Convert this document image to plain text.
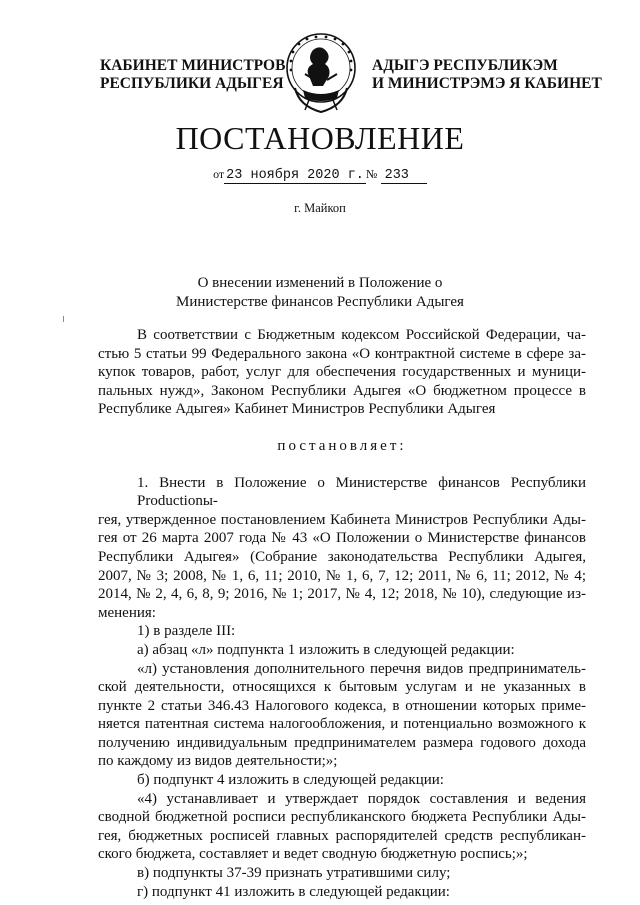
КАБИНЕТ МИНИСТРОВ
РЕСПУБЛИКИ АДЫГЕЯ
АДЫГЭ РЕСПУБЛИКЭМ
И МИНИСТРЭМЭ Я КАБИНЕТ
ПОСТАНОВЛЕНИЕ
от 23 ноября 2020 г. № 233
г. Майкоп
О внесении изменений в Положение о
Министерстве финансов Республики Адыгея

В соответствии с Бюджетным кодексом Российской Федерации, ча-
стью 5 статьи 99 Федерального закона «О контрактной системе в сфере за-
купок товаров, работ, услуг для обеспечения государственных и муници-
пальных нужд», Законом Республики Адыгея «О бюджетном процессе в
Республике Адыгея» Кабинет Министров Республики Адыгея

постановляет:

1. Внести в Положение о Министерстве финансов Республики Productionы-
гея, утвержденное постановлением Кабинета Министров Республики Ады-
гея от 26 марта 2007 года № 43 «О Положении о Министерстве финансов
Республики Адыгея» (Собрание законодательства Республики Адыгея,
2007, № 3; 2008, № 1, 6, 11; 2010, № 1, 6, 7, 12; 2011, № 6, 11; 2012, № 4;
2014, № 2, 4, 6, 8, 9; 2016, № 1; 2017, № 4, 12; 2018, № 10), следующие из-
менения:

1) в разделе III:

а) абзац «л» подпункта 1 изложить в следующей редакции:

«л) установления дополнительного перечня видов предприниматель-
ской деятельности, относящихся к бытовым услугам и не указанных в
пункте 2 статьи 346.43 Налогового кодекса, в отношении которых приме-
няется патентная система налогообложения, и потенциально возможного к
получению индивидуальным предпринимателем размера годового дохода
по каждому из видов деятельности;»;

б) подпункт 4 изложить в следующей редакции:

«4) устанавливает и утверждает порядок составления и ведения
сводной бюджетной росписи республиканского бюджета Республики Ады-
гея, бюджетных росписей главных распорядителей средств республикан-
ского бюджета, составляет и ведет сводную бюджетную роспись;»;

в) подпункты 37-39 признать утратившими силу;

г) подпункт 41 изложить в следующей редакции:
